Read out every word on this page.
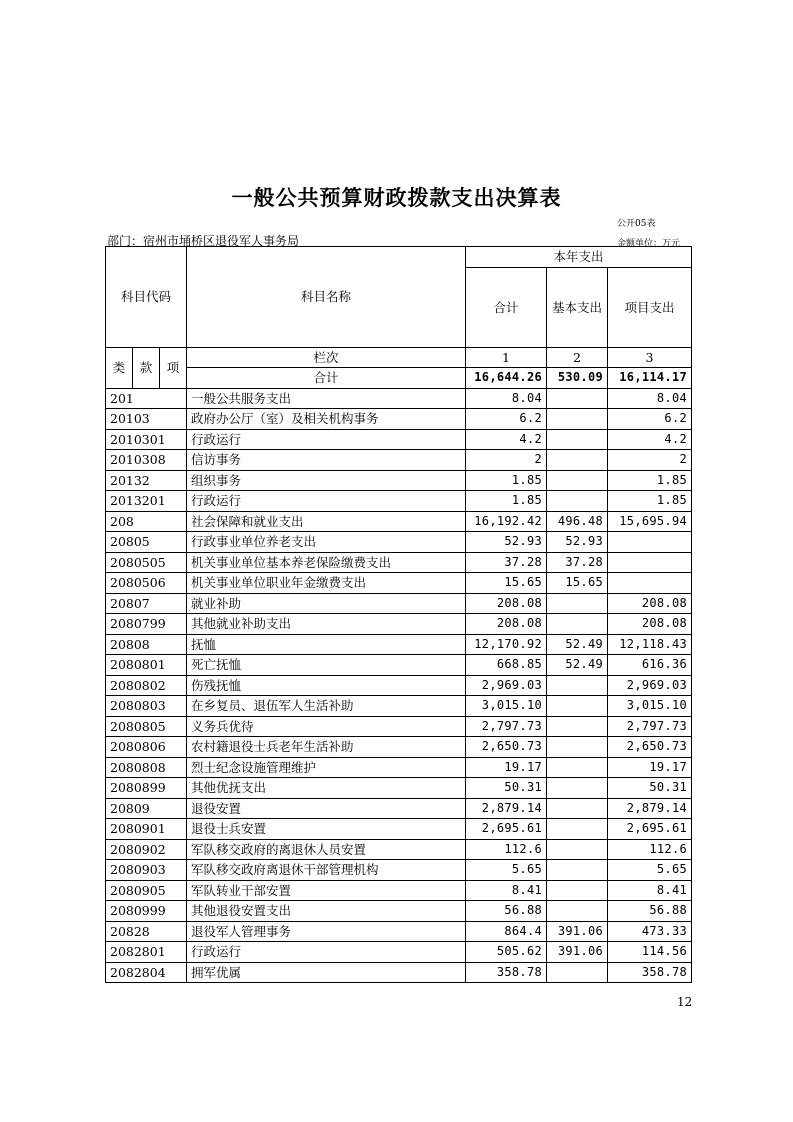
一般公共预算财政拨款支出决算表
公开05表
部门：宿州市埇桥区退役军人事务局	金额单位：万元
科目代码			科目名称	本年支出		
				合计	基本支出	项目支出

类	款	项	栏次	1	2	3
			合计	16,644.26	530.09	16,114.17
201			一般公共服务支出	8.04		8.04
20103			政府办公厅（室）及相关机构事务	6.2		6.2
2010301			行政运行	4.2		4.2
2010308			信访事务	2		2
20132			组织事务	1.85		1.85
2013201			行政运行	1.85		1.85
208			社会保障和就业支出	16,192.42	496.48	15,695.94
20805			行政事业单位养老支出	52.93	52.93	
2080505			机关事业单位基本养老保险缴费支出	37.28	37.28	
2080506			机关事业单位职业年金缴费支出	15.65	15.65	
20807			就业补助	208.08		208.08
2080799			其他就业补助支出	208.08		208.08
20808			抚恤	12,170.92	52.49	12,118.43
2080801			死亡抚恤	668.85	52.49	616.36
2080802			伤残抚恤	2,969.03		2,969.03
2080803			在乡复员、退伍军人生活补助	3,015.10		3,015.10
2080805			义务兵优待	2,797.73		2,797.73
2080806			农村籍退役士兵老年生活补助	2,650.73		2,650.73
2080808			烈士纪念设施管理维护	19.17		19.17
2080899			其他优抚支出	50.31		50.31
20809			退役安置	2,879.14		2,879.14
2080901			退役士兵安置	2,695.61		2,695.61
2080902			军队移交政府的离退休人员安置	112.6		112.6
2080903			军队移交政府离退休干部管理机构	5.65		5.65
2080905			军队转业干部安置	8.41		8.41
2080999			其他退役安置支出	56.88		56.88
20828			退役军人管理事务	864.4	391.06	473.33
2082801			行政运行	505.62	391.06	114.56
2082804			拥军优属	358.78		358.78
12
